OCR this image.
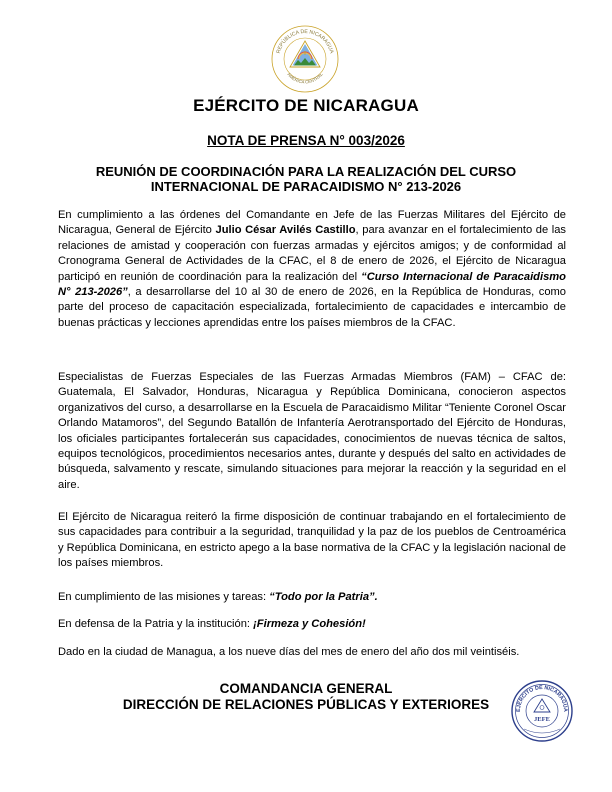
REPÚBLICA DE NICARAGUA
AMÉRICA CENTRAL
EJÉRCITO DE NICARAGUA
NOTA DE PRENSA N° 003/2026
REUNIÓN DE COORDINACIÓN PARA LA REALIZACIÓN DEL CURSO
INTERNACIONAL DE PARACAIDISMO N° 213-2026
En cumplimiento a las órdenes del Comandante en Jefe de las Fuerzas Militares del Ejército de Nicaragua, General de Ejército Julio César Avilés Castillo, para avanzar en el fortalecimiento de las relaciones de amistad y cooperación con fuerzas armadas y ejércitos amigos; y de conformidad al Cronograma General de Actividades de la CFAC, el 8 de enero de 2026, el Ejército de Nicaragua participó en reunión de coordinación para la realización del “Curso Internacional de Paracaidismo N° 213-2026”, a desarrollarse del 10 al 30 de enero de 2026, en la República de Honduras, como parte del proceso de capacitación especializada, fortalecimiento de capacidades e intercambio de buenas prácticas y lecciones aprendidas entre los países miembros de la CFAC.
Especialistas de Fuerzas Especiales de las Fuerzas Armadas Miembros (FAM) – CFAC de: Guatemala, El Salvador, Honduras, Nicaragua y República Dominicana, conocieron aspectos organizativos del curso, a desarrollarse en la Escuela de Paracaidismo Militar “Teniente Coronel Oscar Orlando Matamoros”, del Segundo Batallón de Infantería Aerotransportado del Ejército de Honduras, los oficiales participantes fortalecerán sus capacidades, conocimientos de nuevas técnica de saltos, equipos tecnológicos, procedimientos necesarios antes, durante y después del salto en actividades de búsqueda, salvamento y rescate, simulando situaciones para mejorar la reacción y la seguridad en el aire.
El Ejército de Nicaragua reiteró la firme disposición de continuar trabajando en el fortalecimiento de sus capacidades para contribuir a la seguridad, tranquilidad y la paz de los pueblos de Centroamérica y República Dominicana, en estricto apego a la base normativa de la CFAC y la legislación nacional de los países miembros.
En cumplimiento de las misiones y tareas: “Todo por la Patria”.
En defensa de la Patria y la institución: ¡Firmeza y Cohesión!
Dado en la ciudad de Managua, a los nueve días del mes de enero del año dos mil veintiséis.
COMANDANCIA GENERAL
DIRECCIÓN DE RELACIONES PÚBLICAS Y EXTERIORES	EJÉRCITO DE NICARAGUA
JEFE
